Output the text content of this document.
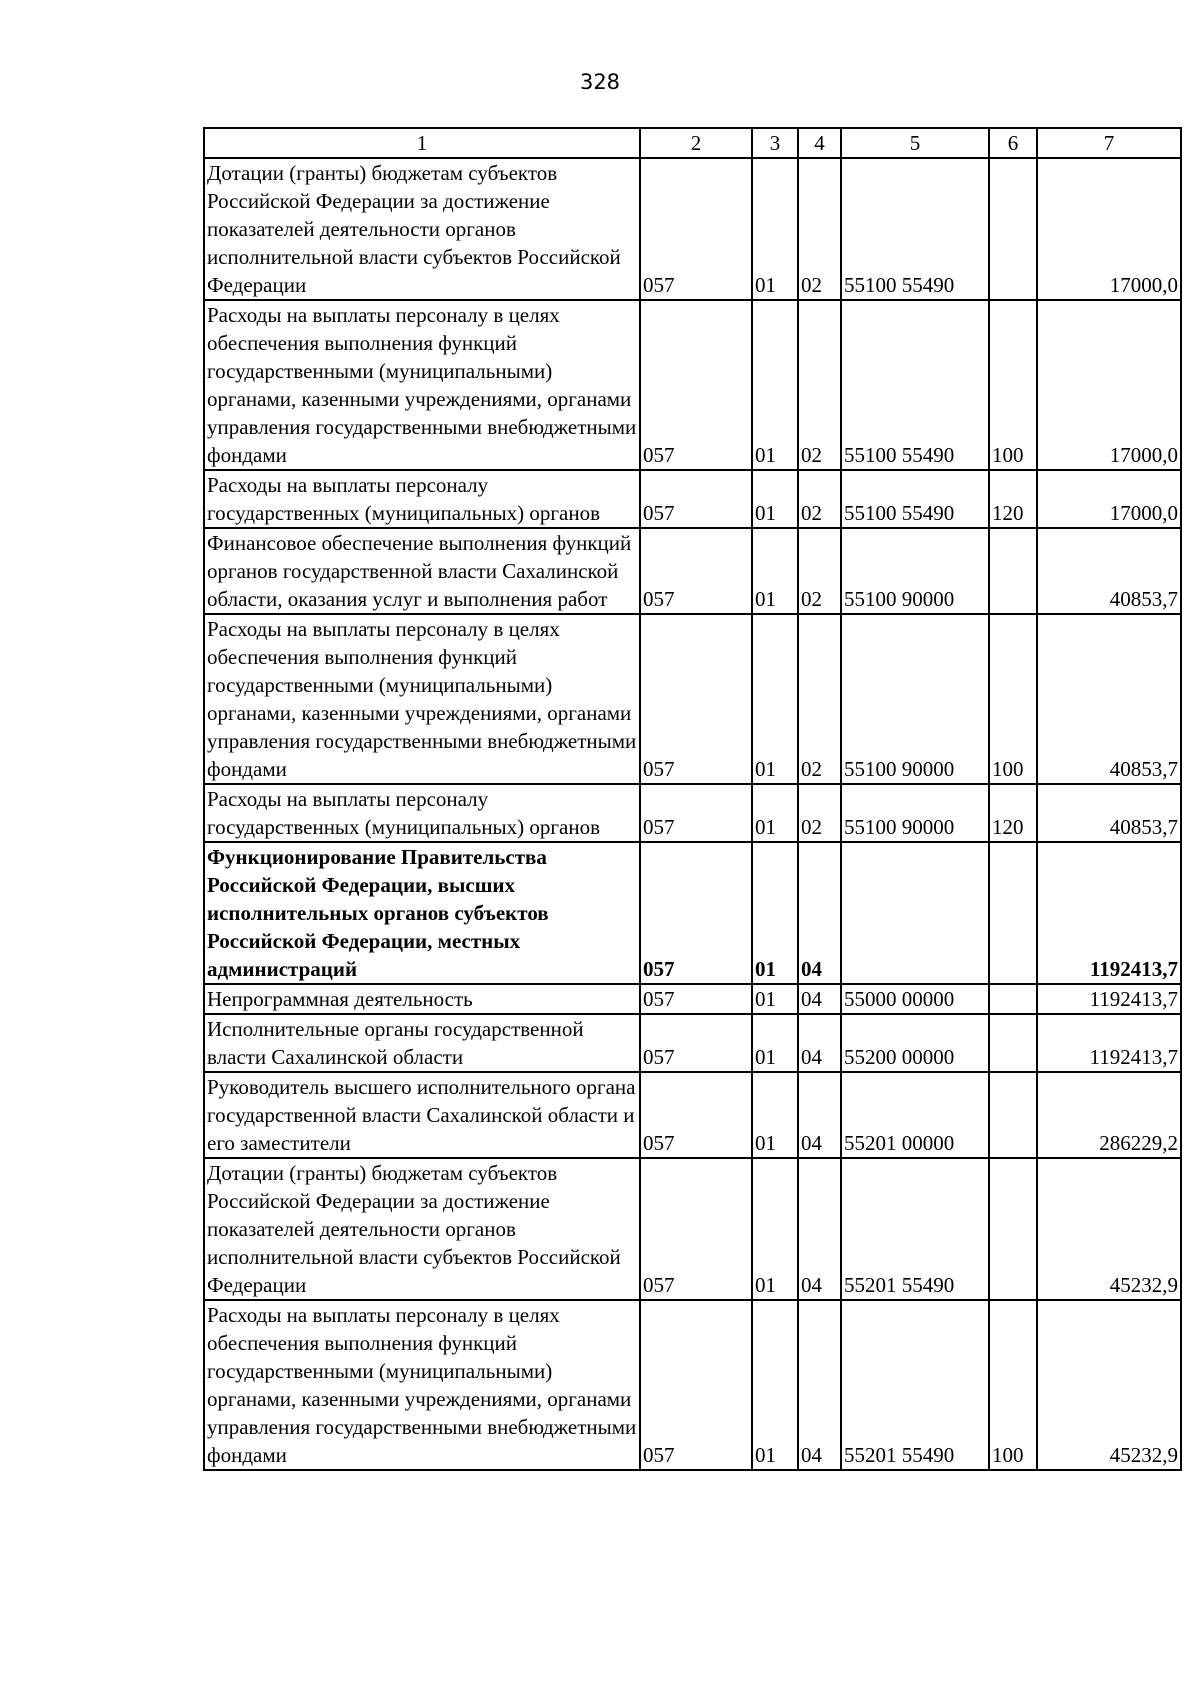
328
1	2	3	4	5	6	7
Дотации (гранты) бюджетам субъектов Российской Федерации за достижение показателей деятельности органов исполнительной власти субъектов Российской Федерации	057	01	02	55100 55490		17000,0
Расходы на выплаты персоналу в целях обеспечения выполнения функций государственными (муниципальными) органами, казенными учреждениями, органами управления государственными внебюджетными фондами	057	01	02	55100 55490	100	17000,0
Расходы на выплаты персоналу государственных (муниципальных) органов	057	01	02	55100 55490	120	17000,0
Финансовое обеспечение выполнения функций органов государственной власти Сахалинской области, оказания услуг и выполнения работ	057	01	02	55100 90000		40853,7
Расходы на выплаты персоналу в целях обеспечения выполнения функций государственными (муниципальными) органами, казенными учреждениями, органами управления государственными внебюджетными фондами	057	01	02	55100 90000	100	40853,7
Расходы на выплаты персоналу государственных (муниципальных) органов	057	01	02	55100 90000	120	40853,7
Функционирование Правительства Российской Федерации, высших исполнительных органов субъектов Российской Федерации, местных администраций	057	01	04			1192413,7
Непрограммная деятельность	057	01	04	55000 00000		1192413,7
Исполнительные органы государственной власти Сахалинской области	057	01	04	55200 00000		1192413,7
Руководитель высшего исполнительного органа государственной власти Сахалинской области и его заместители	057	01	04	55201 00000		286229,2
Дотации (гранты) бюджетам субъектов Российской Федерации за достижение показателей деятельности органов исполнительной власти субъектов Российской Федерации	057	01	04	55201 55490		45232,9
Расходы на выплаты персоналу в целях обеспечения выполнения функций государственными (муниципальными) органами, казенными учреждениями, органами управления государственными внебюджетными фондами	057	01	04	55201 55490	100	45232,9
